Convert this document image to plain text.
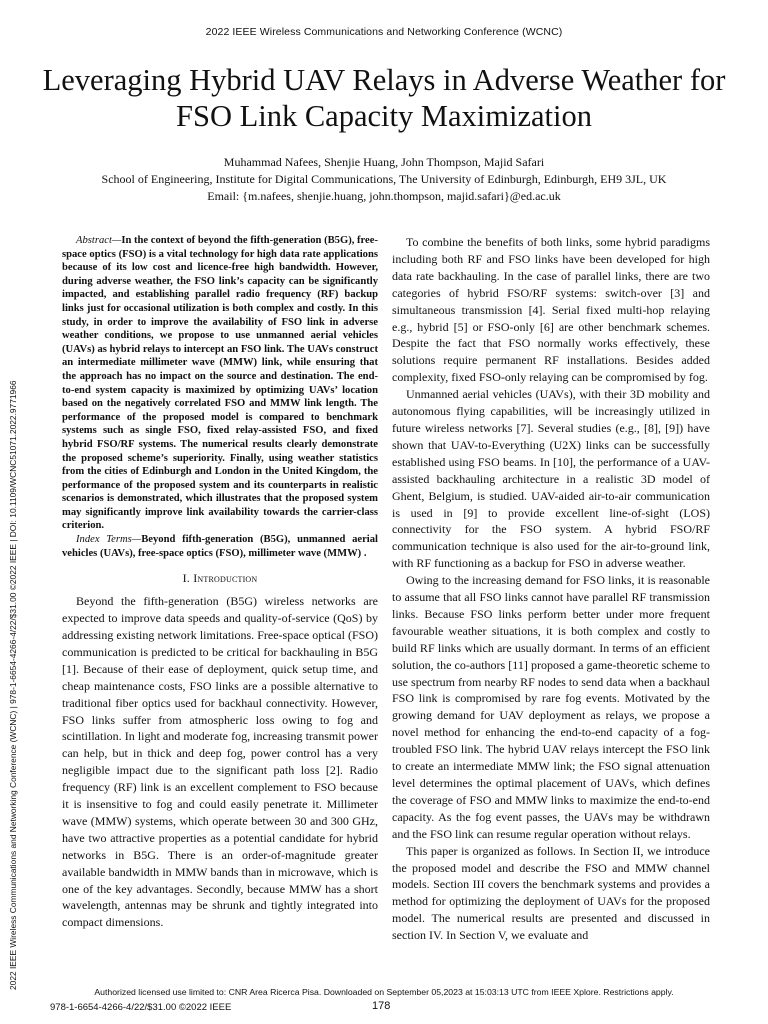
2022 IEEE Wireless Communications and Networking Conference (WCNC)
2022 IEEE Wireless Communications and Networking Conference (WCNC) | 978-1-6654-4266-4/22/$31.00 ©2022 IEEE | DOI: 10.1109/WCNC51071.2022.9771966
Leveraging Hybrid UAV Relays in Adverse Weather for FSO Link Capacity Maximization
Muhammad Nafees, Shenjie Huang, John Thompson, Majid Safari
School of Engineering, Institute for Digital Communications, The University of Edinburgh, Edinburgh, EH9 3JL, UK
Email: {m.nafees, shenjie.huang, john.thompson, majid.safari}@ed.ac.uk

Abstract—In the context of beyond the fifth-generation (B5G), free-space optics (FSO) is a vital technology for high data rate applications because of its low cost and licence-free high bandwidth. However, during adverse weather, the FSO link’s capacity can be significantly impacted, and establishing parallel radio frequency (RF) backup links just for occasional utilization is both complex and costly. In this study, in order to improve the availability of FSO link in adverse weather conditions, we propose to use unmanned aerial vehicles (UAVs) as hybrid relays to intercept an FSO link. The UAVs construct an intermediate millimeter wave (MMW) link, while ensuring that the approach has no impact on the source and destination. The end-to-end system capacity is maximized by optimizing UAVs’ location based on the negatively correlated FSO and MMW link length. The performance of the proposed model is compared to benchmark systems such as single FSO, fixed relay-assisted FSO, and fixed hybrid FSO/RF systems. The numerical results clearly demonstrate the proposed scheme’s superiority. Finally, using weather statistics from the cities of Edinburgh and London in the United Kingdom, the performance of the proposed system and its counterparts in realistic scenarios is demonstrated, which illustrates that the proposed system may significantly improve link availability towards the carrier-class criterion.

Index Terms—Beyond fifth-generation (B5G), unmanned aerial vehicles (UAVs), free-space optics (FSO), millimeter wave (MMW) .

I. Introduction

Beyond the fifth-generation (B5G) wireless networks are expected to improve data speeds and quality-of-service (QoS) by addressing existing network limitations. Free-space optical (FSO) communication is predicted to be critical for backhauling in B5G [1]. Because of their ease of deployment, quick setup time, and cheap maintenance costs, FSO links are a possible alternative to traditional fiber optics used for backhaul connectivity. However, FSO links suffer from atmospheric loss owing to fog and scintillation. In light and moderate fog, increasing transmit power can help, but in thick and deep fog, power control has a very negligible impact due to the significant path loss [2]. Radio frequency (RF) link is an excellent complement to FSO because it is insensitive to fog and could easily penetrate it. Millimeter wave (MMW) systems, which operate between 30 and 300 GHz, have two attractive properties as a potential candidate for hybrid networks in B5G. There is an order-of-magnitude greater available bandwidth in MMW bands than in microwave, which is one of the key advantages. Secondly, because MMW has a short wavelength, antennas may be shrunk and tightly integrated into compact dimensions.

To combine the benefits of both links, some hybrid paradigms including both RF and FSO links have been developed for high data rate backhauling. In the case of parallel links, there are two categories of hybrid FSO/RF systems: switch-over [3] and simultaneous transmission [4]. Serial fixed multi-hop relaying e.g., hybrid [5] or FSO-only [6] are other benchmark schemes. Despite the fact that FSO normally works effectively, these solutions require permanent RF installations. Besides added complexity, fixed FSO-only relaying can be compromised by fog.

Unmanned aerial vehicles (UAVs), with their 3D mobility and autonomous flying capabilities, will be increasingly utilized in future wireless networks [7]. Several studies (e.g., [8], [9]) have shown that UAV-to-Everything (U2X) links can be successfully established using FSO beams. In [10], the performance of a UAV-assisted backhauling architecture in a realistic 3D model of Ghent, Belgium, is studied. UAV-aided air-to-air communication is used in [9] to provide excellent line-of-sight (LOS) connectivity for the FSO system. A hybrid FSO/RF communication technique is also used for the air-to-ground link, with RF functioning as a backup for FSO in adverse weather.

Owing to the increasing demand for FSO links, it is reasonable to assume that all FSO links cannot have parallel RF transmission links. Because FSO links perform better under more frequent favourable weather situations, it is both complex and costly to build RF links which are usually dormant. In terms of an efficient solution, the co-authors [11] proposed a game-theoretic scheme to use spectrum from nearby RF nodes to send data when a backhaul FSO link is compromised by rare fog events. Motivated by the growing demand for UAV deployment as relays, we propose a novel method for enhancing the end-to-end capacity of a fog-troubled FSO link. The hybrid UAV relays intercept the FSO link to create an intermediate MMW link; the FSO signal attenuation level determines the optimal placement of UAVs, which defines the coverage of FSO and MMW links to maximize the end-to-end capacity. As the fog event passes, the UAVs may be withdrawn and the FSO link can resume regular operation without relays.

This paper is organized as follows. In Section II, we introduce the proposed model and describe the FSO and MMW channel models. Section III covers the benchmark systems and provides a method for optimizing the deployment of UAVs for the proposed model. The numerical results are presented and discussed in section IV. In Section V, we evaluate and

Authorized licensed use limited to: CNR Area Ricerca Pisa. Downloaded on September 05,2023 at 15:03:13 UTC from IEEE Xplore. Restrictions apply.
978-1-6654-4266-4/22/$31.00 ©2022 IEEE	178
